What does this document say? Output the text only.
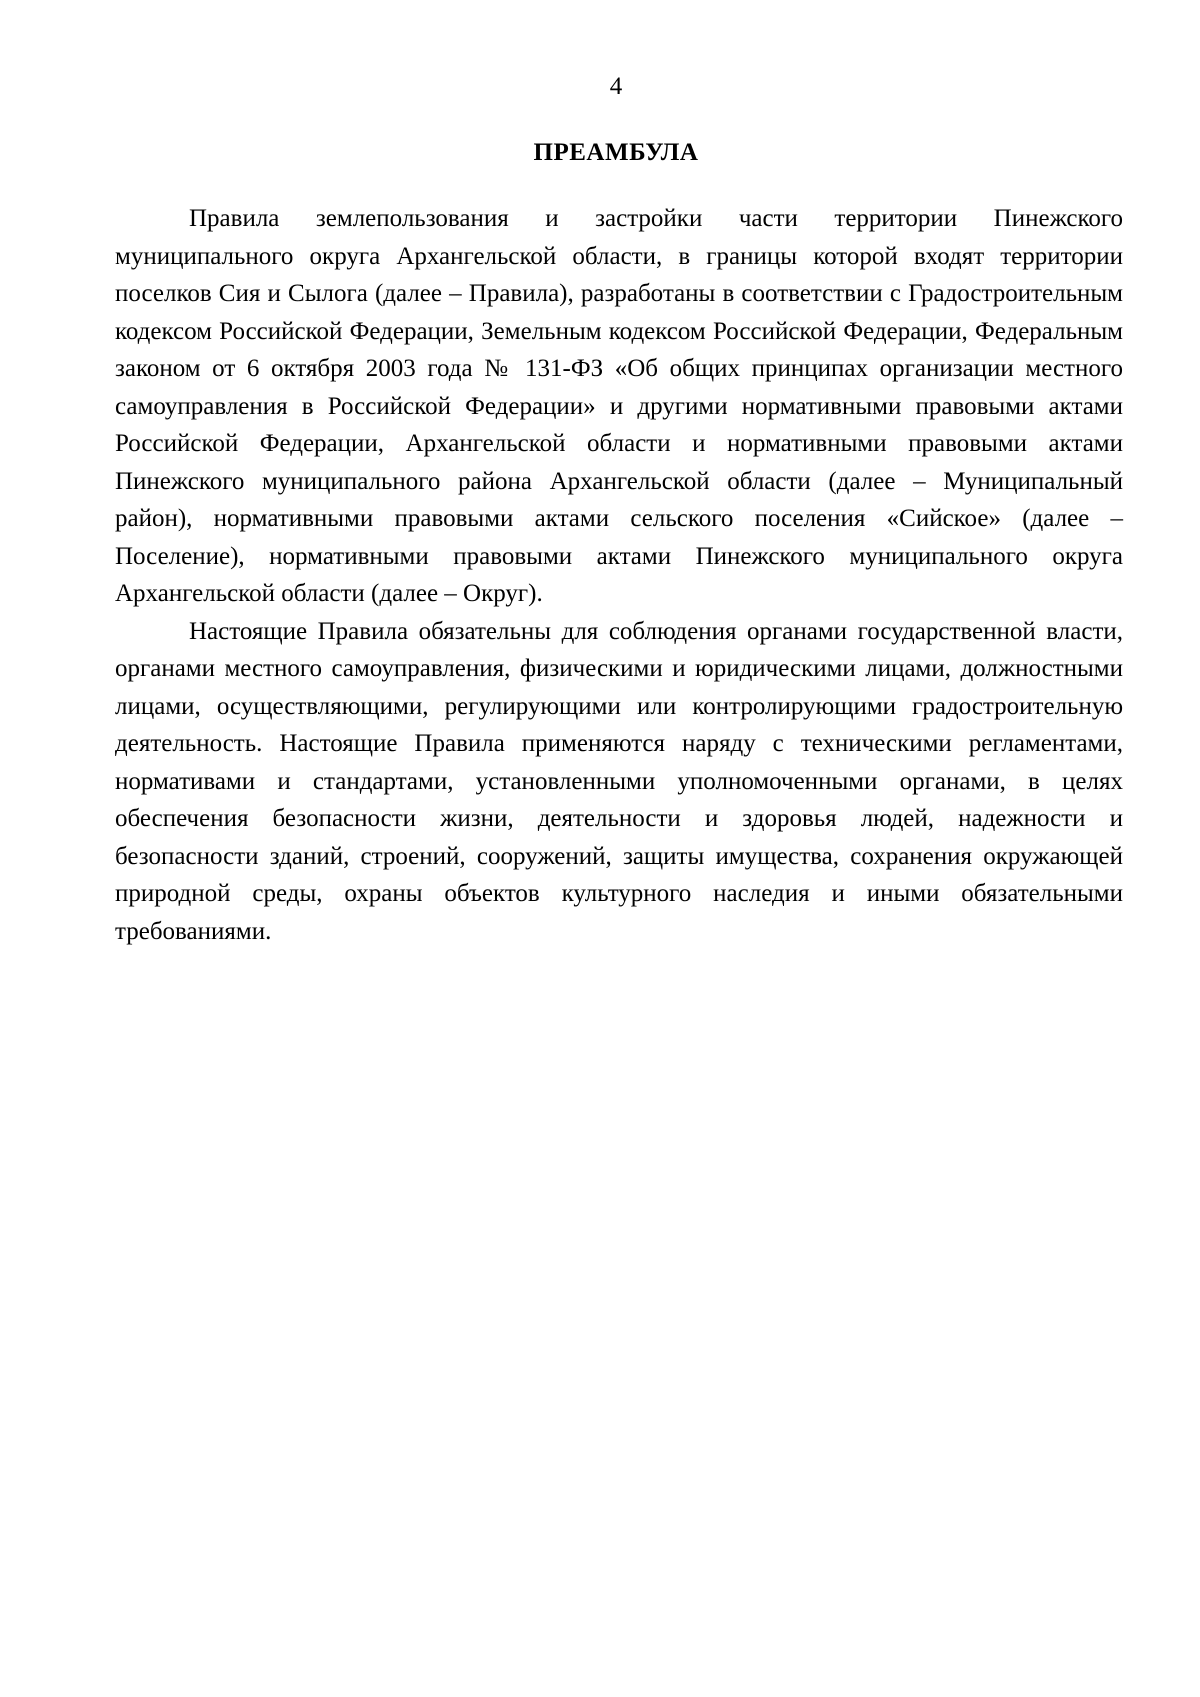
4
ПРЕАМБУЛА

Правила землепользования и застройки части территории Пинежского муниципального округа Архангельской области, в границы которой входят территории поселков Сия и Сылога (далее – Правила), разработаны в соответствии с Градостроительным кодексом Российской Федерации, Земельным кодексом Российской Федерации, Федеральным законом от 6 октября 2003 года № 131-ФЗ «Об общих принципах организации местного самоуправления в Российской Федерации» и другими нормативными правовыми актами Российской Федерации, Архангельской области и нормативными правовыми актами Пинежского муниципального района Архангельской области (далее – Муниципальный район), нормативными правовыми актами сельского поселения «Сийское» (далее – Поселение), нормативными правовыми актами Пинежского муниципального округа Архангельской области (далее – Округ).

Настоящие Правила обязательны для соблюдения органами государственной власти, органами местного самоуправления, физическими и юридическими лицами, должностными лицами, осуществляющими, регулирующими или контролирующими градостроительную деятельность. Настоящие Правила применяются наряду с техническими регламентами, нормативами и стандартами, установленными уполномоченными органами, в целях обеспечения безопасности жизни, деятельности и здоровья людей, надежности и безопасности зданий, строений, сооружений, защиты имущества, сохранения окружающей природной среды, охраны объектов культурного наследия и иными обязательными требованиями.
